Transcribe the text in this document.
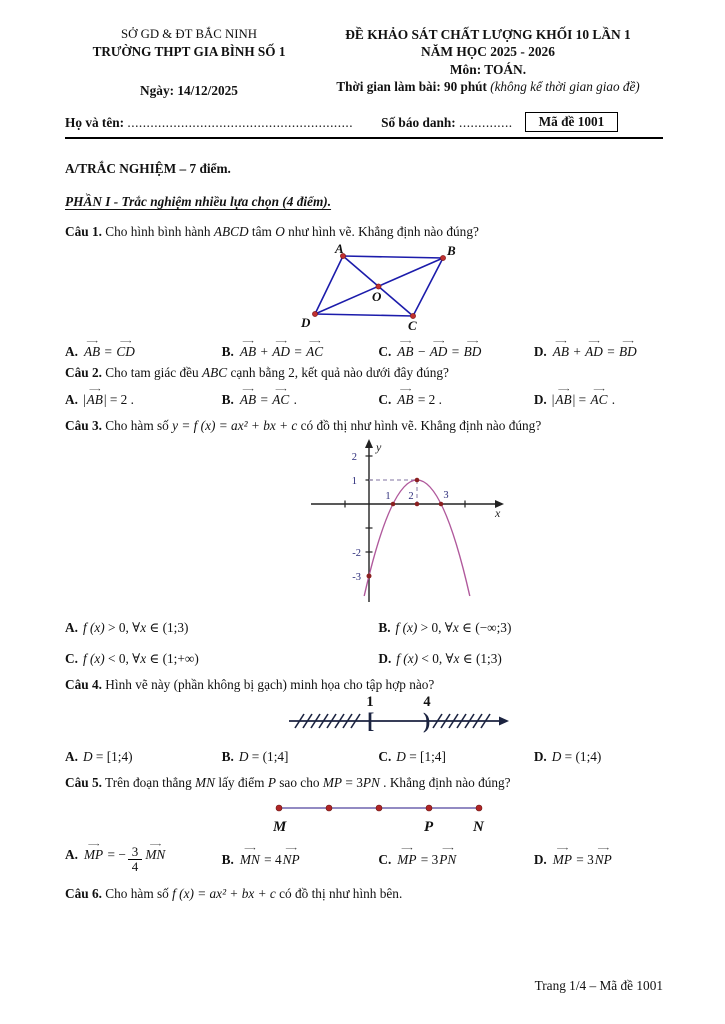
SỞ GD & ĐT BẮC NINH
TRƯỜNG THPT GIA BÌNH SỐ 1
Ngày: 14/12/2025
ĐỀ KHẢO SÁT CHẤT LƯỢNG KHỐI 10 LẦN 1
NĂM HỌC 2025 - 2026
Môn: TOÁN.
Thời gian làm bài: 90 phút (không kể thời gian giao đề)
Họ và tên: ........................................................... Số báo danh: ..............	Mã đề 1001
A/TRẮC NGHIỆM – 7 điểm.
PHẦN I - Trắc nghiệm nhiều lựa chọn (4 điểm).
Câu 1. Cho hình bình hành ABCD tâm O như hình vẽ. Khẳng định nào đúng?
A	B
C
D
O
A. ⟶ AB = ⟶ CD	B. ⟶ AB + ⟶ AD = ⟶ AC	C. ⟶ AB − ⟶ AD = ⟶ BD	D. ⟶ AB + ⟶ AD = ⟶ BD
Câu 2. Cho tam giác đều ABC cạnh bằng 2, kết quả nào dưới đây đúng?
A. |⟶ AB| = 2 .	B. ⟶ AB = ⟶ AC .	C. ⟶ AB = 2 .	D. |⟶ AB| = ⟶ AC .
Câu 3. Cho hàm số y = f (x) = ax² + bx + c có đồ thị như hình vẽ. Khẳng định nào đúng?
2
1
-2
-3
1 2	3
y
x
A. f (x) > 0, ∀x ∈ (1;3)	B. f (x) > 0, ∀x ∈ (−∞;3)
C. f (x) < 0, ∀x ∈ (1;+∞)	D. f (x) < 0, ∀x ∈ (1;3)
Câu 4. Hình vẽ này (phần không bị gạch) minh họa cho tập hợp nào?
[ )
1	4
A. D = [1;4)	B. D = (1;4]	C. D = [1;4]	D. D = (1;4)
Câu 5. Trên đoạn thẳng MN lấy điểm P sao cho MP = 3PN . Khẳng định nào đúng?
M	P	N
A. ⟶ MP = − $\frac{3}{4}$ ⟶ MN	B. ⟶ MN = 4⟶ NP	C. ⟶ MP = 3⟶ PN	D. ⟶ MP = 3⟶ NP
Câu 6. Cho hàm số f (x) = ax² + bx + c có đồ thị như hình bên.
Trang 1/4 – Mã đề 1001
